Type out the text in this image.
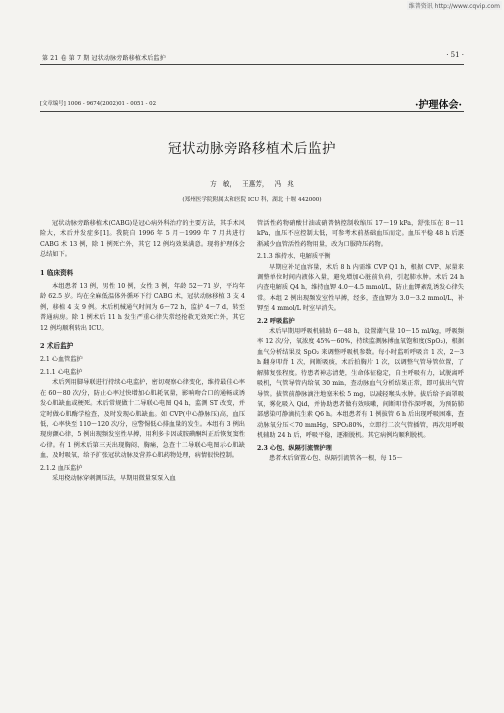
维普资讯 http://www.cqvip.com
第 21 卷 第 7 期 冠状动脉旁路移植术后监护	· 51 ·
[文章编号] 1006 - 9674(2002)01 - 0051 - 02	·护理体会·
冠状动脉旁路移植术后监护
方 敏， 王惠芳， 冯 兆
(郑州医学院附属太和医院 ICU 科，湖北 十堰 442000)

冠状动脉旁路移植术(CABG)是冠心病外科治疗的主要方法，其手术风险大，术后并发症多[1]。我院自 1996 年 5 月－1999 年 7 月共进行 CABG 术 13 例，除 1 例死亡外，其它 12 例均效果满意。现将护理体会总结如下。

1 临床资料

本组患者 13 例，男性 10 例，女性 3 例，年龄 52～71 岁，平均年龄 62.5 岁。均在全麻低温体外循环下行 CABG 术，冠状动脉移植 3 支 4 例，移植 4 支 9 例。术后机械通气时间为 6～72 h，监护 4～7 d，转至普通病房。除 1 例术后 11 h 发生严重心律失常经抢救无效死亡外，其它 12 例均顺利转出 ICU。

2 术后监护
2.1 心血管监护
2.1.1 心电监护

术后列用脚导联进行持续心电监护，密切观察心律变化，维持最佳心率在 60～80 次/分，防止心率过快增加心肌耗氧量，影响吻合口的通畅或诱发心肌缺血或梗死。术后常规做十二导联心电图 Q4 h，监测 ST 改变，并定时做心肌酶学检查，及时发现心肌缺血。如 CVP(中心静脉压)高，血压低，心率快至 110～120 次/分，应警惕低心排血量的发生。本组有 3 例出现房颤心律，5 例出现频发室性早搏，用利多卡因或胺碘酮纠正后恢复窦性心律。有 1 例术后第三天出现胸闷、胸痛，急查十二导联心电图示心肌缺血，及时吸氧，给予扩张冠状动脉及营养心肌药物处理，病情很快控制。

2.1.2 血压监护

采用桡动脉穿刺测压法，早期用微量泵泵入血

管活性药物硝酸甘油或硝普钠控制收缩压 17～19 kPa，舒张压在 8～11 kPa，血压不应控制太低，可参考术前基础血压而定。血压平稳 48 h 后逐渐减少血管活性药物用量，改为口服降压药物。

2.1.3 维持水、电解质平衡

早期应补足血容量，术后 8 h 内需维 CVP Q1 h，根据 CVP、尿量来调整单位时间内液体入量，避免增加心脏前负荷，引起肺水肿。术后 24 h 内查电解质 Q4 h，维持血钾 4.0～4.5 mmol/L，防止血钾紊乱诱发心律失常。本组 2 例出现频发室性早搏，经多，查血钾为 3.0～3.2 mmol/L，补钾至 4 mmol/L 时室早消失。

2.2 呼吸监护

术后早期用呼吸机辅助 6～48 h，设置潮气量 10～15 ml/kg，呼吸频率 12 次/分，氧浓度 45%～60%，持续监测脉搏血氧饱和度(SpO₂)，根据血气分析结果及 SpO₂ 来调整呼吸机参数。每小时监听呼吸音 1 次，2～3 h 翻身叩背 1 次，间断吸痰，术后拍胸片 1 次，以调整气管导管位置，了解肺复张程度。待患者神志清楚，生命体征稳定，自主呼吸有力，试脱离呼吸机，气管导管内给氧 30 min，查动脉血气分析结果正常，即可拔出气管导管。拔管前静脉滴注地塞米松 5 mg，以减轻喉头水肿。拔后给予面罩吸氧，雾化吸入 Qid，并协助患者做有效咳嗽，间断叩背作深呼吸，为预防肺部感染可静滴抗生素 Q6 h。本组患者有 1 例拔管 6 h 后出现呼吸困难，查动脉氧分压＜70 mmHg，SPO₂80%，立即行二次气管插管，再次用呼吸机辅助 24 h 后，呼吸平稳，逐渐脱机。其它病例均顺利脱机。

2.3 心包、纵隔引流管护理

患者术后留置心包、纵隔引流管各一根，每 15～
